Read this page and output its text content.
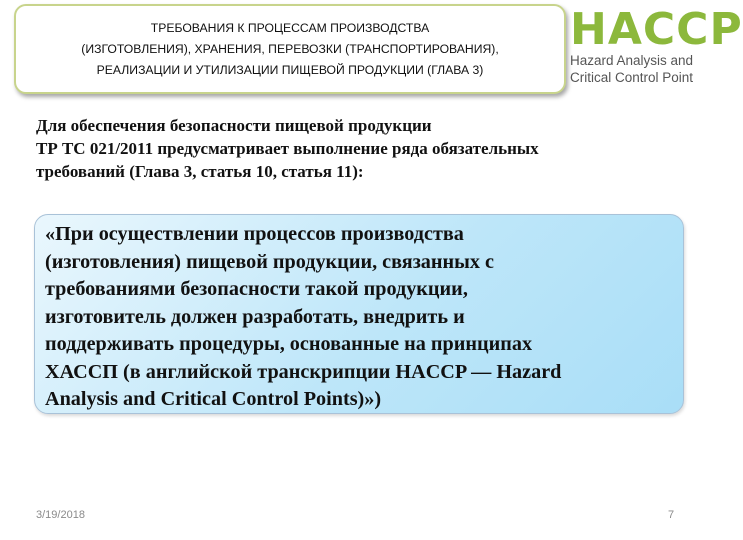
ТРЕБОВАНИЯ К ПРОЦЕССАМ ПРОИЗВОДСТВА
(ИЗГОТОВЛЕНИЯ), ХРАНЕНИЯ, ПЕРЕВОЗКИ (ТРАНСПОРТИРОВАНИЯ),
РЕАЛИЗАЦИИ И УТИЛИЗАЦИИ ПИЩЕВОЙ ПРОДУКЦИИ (ГЛАВА 3)
HACCP
Hazard Analysis and
Critical Control Point
Для обеспечения безопасности пищевой продукции
ТР ТС 021/2011 предусматривает выполнение ряда обязательных
требований (Глава 3, статья 10, статья 11):
«При осуществлении процессов производства
(изготовления) пищевой продукции, связанных с
требованиями безопасности такой продукции,
изготовитель должен разработать, внедрить и
поддерживать процедуры, основанные на принципах
ХАССП (в английской транскрипции HACCP — Hazard
Analysis and Critical Control Points)»)
3/19/2018	7
